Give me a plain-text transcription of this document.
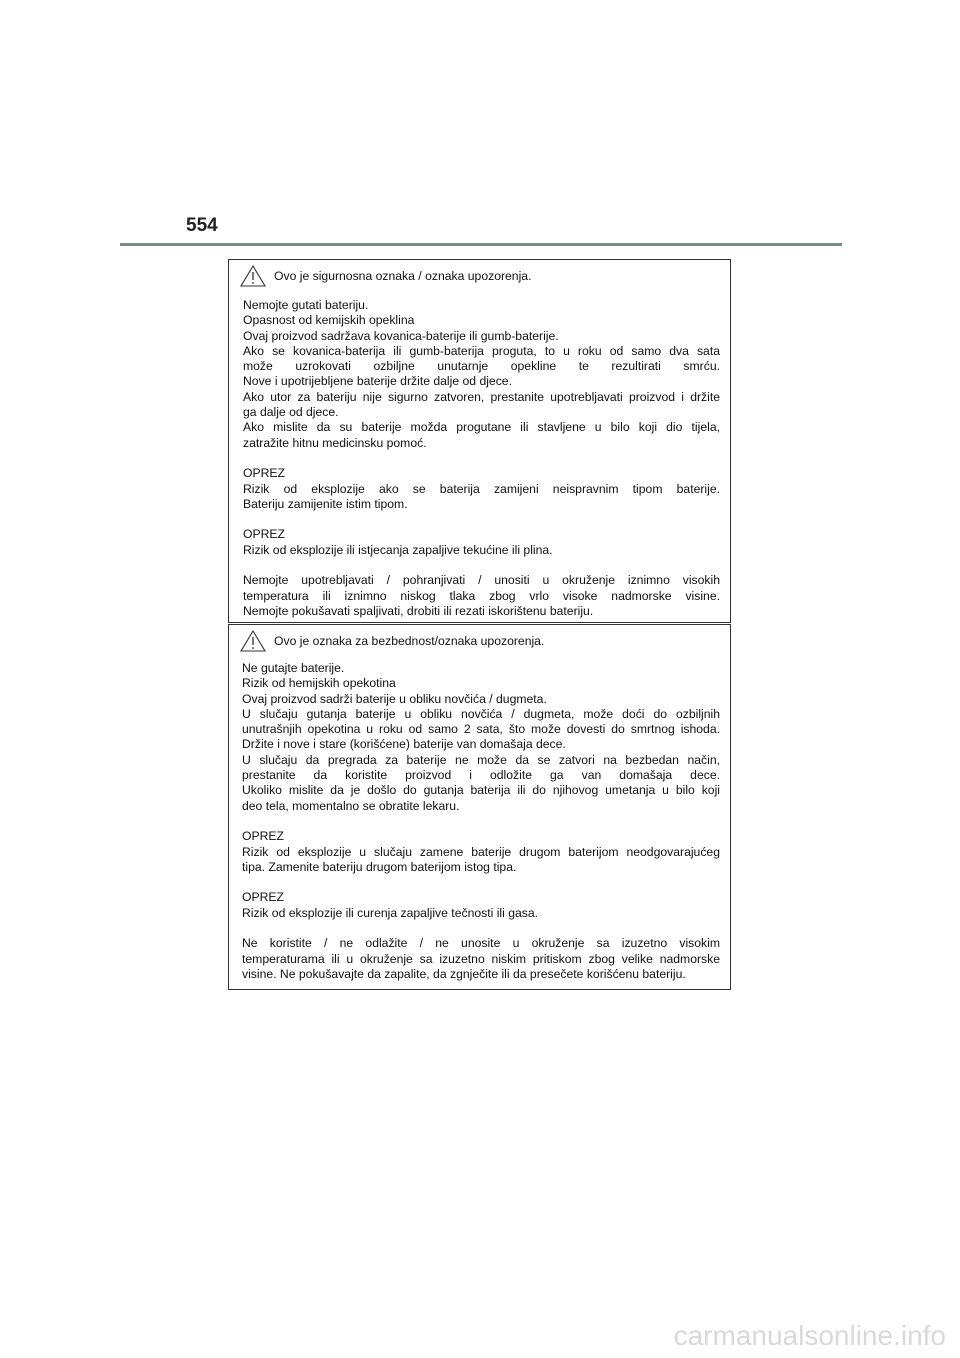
554
Ovo je sigurnosna oznaka / oznaka upozorenja.
Nemojte gutati bateriju.
Opasnost od kemijskih opeklina
Ovaj proizvod sadržava kovanica-baterije ili gumb-baterije.
Ako se kovanica-baterija ili gumb-baterija proguta, to u roku od samo dva sata
može uzrokovati ozbiljne unutarnje opekline te rezultirati smrću.
Nove i upotrijebljene baterije držite dalje od djece.
Ako utor za bateriju nije sigurno zatvoren, prestanite upotrebljavati proizvod i držite
ga dalje od djece.
Ako mislite da su baterije možda progutane ili stavljene u bilo koji dio tijela,
zatražite hitnu medicinsku pomoć.
OPREZ
Rizik od eksplozije ako se baterija zamijeni neispravnim tipom baterije.
Bateriju zamijenite istim tipom.
OPREZ
Rizik od eksplozije ili istjecanja zapaljive tekućine ili plina.
Nemojte upotrebljavati / pohranjivati / unositi u okruženje iznimno visokih
temperatura ili iznimno niskog tlaka zbog vrlo visoke nadmorske visine.
Nemojte pokušavati spaljivati, drobiti ili rezati iskorištenu bateriju.
Ovo je oznaka za bezbednost/oznaka upozorenja.
Ne gutajte baterije.
Rizik od hemijskih opekotina
Ovaj proizvod sadrži baterije u obliku novčića / dugmeta.
U slučaju gutanja baterije u obliku novčića / dugmeta, može doći do ozbiljnih
unutrašnjih opekotina u roku od samo 2 sata, što može dovesti do smrtnog ishoda.
Držite i nove i stare (korišćene) baterije van domašaja dece.
U slučaju da pregrada za baterije ne može da se zatvori na bezbedan način,
prestanite da koristite proizvod i odložite ga van domašaja dece.
Ukoliko mislite da je došlo do gutanja baterija ili do njihovog umetanja u bilo koji
deo tela, momentalno se obratite lekaru.
OPREZ
Rizik od eksplozije u slučaju zamene baterije drugom baterijom neodgovarajućeg
tipa. Zamenite bateriju drugom baterijom istog tipa.
OPREZ
Rizik od eksplozije ili curenja zapaljive tečnosti ili gasa.
Ne koristite / ne odlažite / ne unosite u okruženje sa izuzetno visokim
temperaturama ili u okruženje sa izuzetno niskim pritiskom zbog velike nadmorske
visine. Ne pokušavajte da zapalite, da zgnječite ili da presečete korišćenu bateriju.
carmanualsonline.info
